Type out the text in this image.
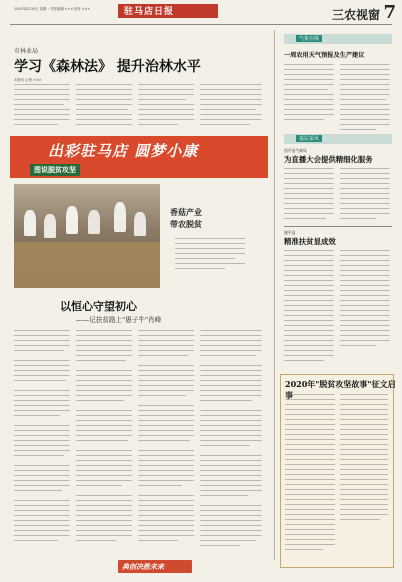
2020年4月20日 星期一 责任编辑 ××× 校对 ×××	驻马店日报	三农视窗 7
市林业局
学习《森林法》 提升治林水平
本报讯 记者 ×××
出彩驻马店 圆梦小康
图说脱贫攻坚
香菇产业
带农脱贫
以恒心守望初心
——记扶贫路上"愚子牛"肖峰
气象在线
一周农用天气预报及生产建议
基层采风
西平县气象局
为直播大会提供精细化服务
遂平县
精准扶贫显成效
2020年"脱贫攻坚故事"征文启
典创决胜未来
